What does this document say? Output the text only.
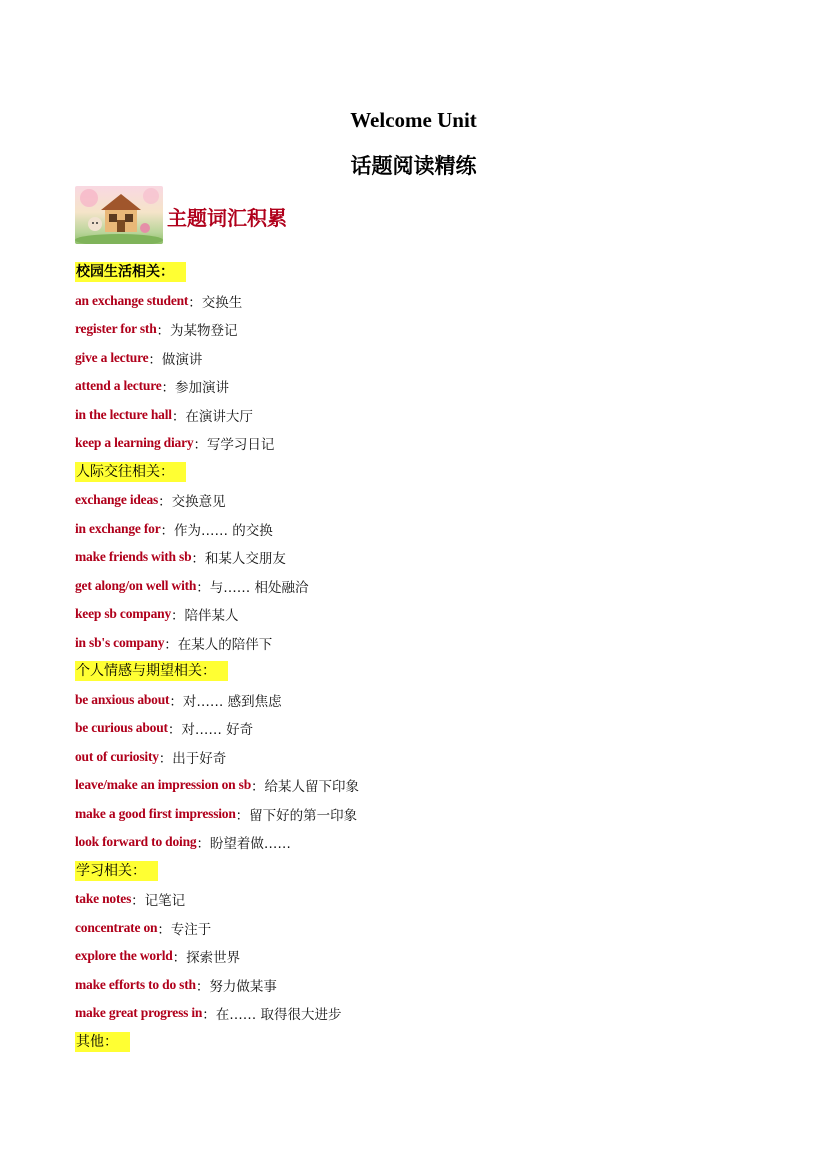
Welcome Unit
话题阅读精练
主题词汇积累
校园生活相关：
an exchange student ：交换生
register for sth ：为某物登记
give a lecture ：做演讲
attend a lecture ：参加演讲
in the lecture hall ：在演讲大厅
keep a learning diary ：写学习日记
人际交往相关：
exchange ideas ：交换意见
in exchange for ：作为…… 的交换
make friends with sb ：和某人交朋友
get along/on well with ：与…… 相处融洽
keep sb company ：陪伴某人
in sb's company ：在某人的陪伴下
个人情感与期望相关：
be anxious about ：对…… 感到焦虑
be curious about ：对…… 好奇
out of curiosity ：出于好奇
leave/make an impression on sb ：给某人留下印象
make a good first impression ：留下好的第一印象
look forward to doing ：盼望着做……
学习相关：
take notes ：记笔记
concentrate on ：专注于
explore the world ：探索世界
make efforts to do sth ：努力做某事
make great progress in ：在…… 取得很大进步
其他：
